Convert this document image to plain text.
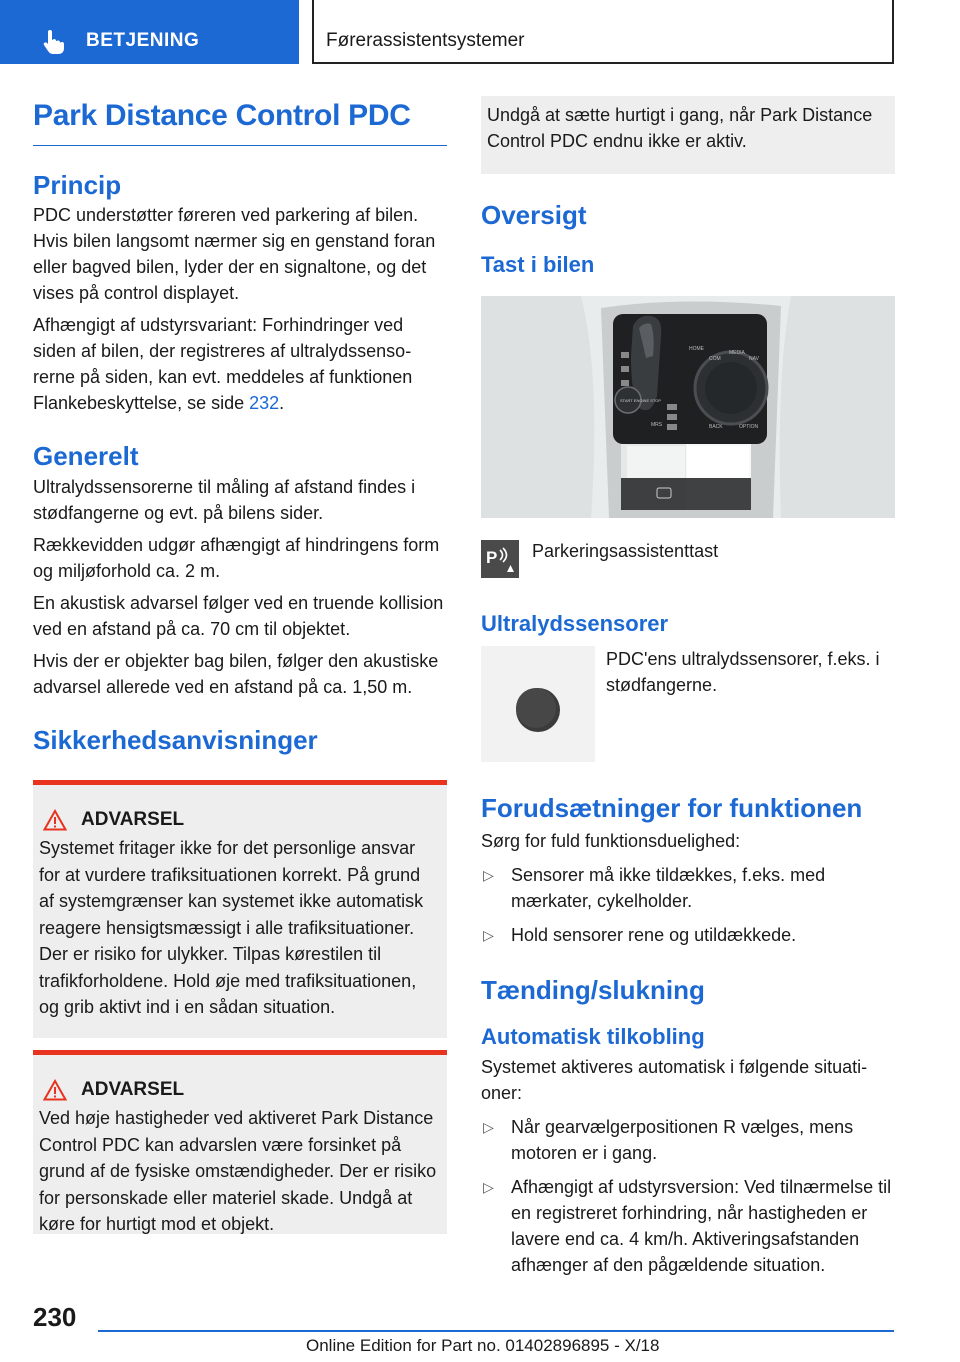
BETJENING	Førerassistentsystemer
Park Distance Control PDC
Princip

PDC understøtter føreren ved parkering af bilen. Hvis bilen langsomt nærmer sig en genstand foran eller bagved bilen, lyder der en signaltone, og det vises på control displayet.

Afhængigt af udstyrsvariant: Forhindringer ved siden af bilen, der registreres af ultralydssensorerne på siden, kan evt. meddeles af funktionen Flankebeskyttelse, se side 232.

Generelt

Ultralydssensorerne til måling af afstand findes i stødfangerne og evt. på bilens sider.

Rækkevidden udgør afhængigt af hindringens form og miljøforhold ca. 2 m.

En akustisk advarsel følger ved en truende kollision ved en afstand på ca. 70 cm til objektet.

Hvis der er objekter bag bilen, følger den akustiske advarsel allerede ved en afstand på ca. 1,50 m.

Sikkerhedsanvisninger
ADVARSEL

Systemet fritager ikke for det personlige ansvar for at vurdere trafiksituationen korrekt. På grund af systemgrænser kan systemet ikke automatisk reagere hensigtsmæssigt i alle trafiksituationer. Der er risiko for ulykker. Tilpas kørestilen til trafikforholdene. Hold øje med trafiksituationen, og grib aktivt ind i en sådan situation.

ADVARSEL

Ved høje hastigheder ved aktiveret Park Distance Control PDC kan advarslen være forsinket på grund af de fysiske omstændigheder. Der er risiko for personskade eller materiel skade. Undgå at køre for hurtigt mod et objekt.

Undgå at sætte hurtigt i gang, når Park Distance Control PDC endnu ikke er aktiv.
Oversigt
Tast i bilen
HOME
COM
MEDIA
NAV
BACK	OPTION
START ENGINE STOP
MRS
P Parkeringsassistenttast
Ultralydssensorer

PDC'ens ultralydssensorer, f.eks. i stødfangerne.

Forudsætninger for funktionen

Sørg for fuld funktionsduelighed:

▷ Sensorer må ikke tildækkes, f.eks. med mærkater, cykelholder.
▷ Hold sensorer rene og utildækkede.
Tænding/slukning
Automatisk tilkobling

Systemet aktiveres automatisk i følgende situationer:

▷ Når gearvælgerpositionen R vælges, mens motoren er i gang.
▷ Afhængigt af udstyrsversion: Ved tilnærmelse til en registreret forhindring, når hastigheden er lavere end ca. 4 km/h. Aktiveringsafstanden afhænger af den pågældende situation.
230
Online Edition for Part no. 01402896895 - X/18
